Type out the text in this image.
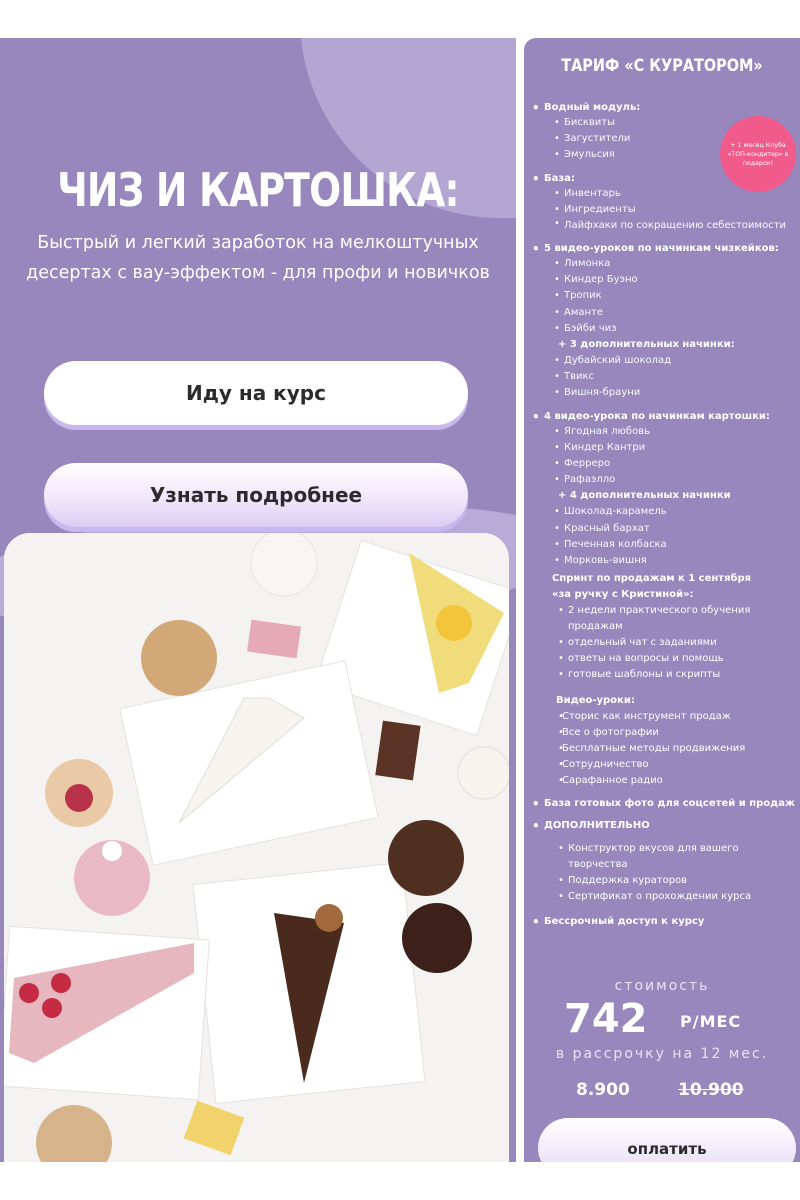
ЧИЗ И КАРТОШКА:
Быстрый и легкий заработок на мелкоштучных десертах с вау-эффектом - для профи и новичков
Иду на курс
Узнать подробнее
ТАРИФ «С КУРАТОРОМ»
+ 1 месяц Клуба «ТОП-кондитер» в подарок!
• Водный модуль:
• Бисквиты
• Загустители
• Эмульсия
• База:
• Инвентарь
• Ингредиенты
• Лайфхаки по сокращению себестоимости
• 5 видео-уроков по начинкам чизкейков:
• Лимонка
• Киндер Буэно
• Тропик
• Аманте
• Бэйби чиз
+ 3 дополнительных начинки:
• Дубайский шоколад
• Твикс
• Вишня-брауни
• 4 видео-урока по начинкам картошки:
• Ягодная любовь
• Киндер Кантри
• Ферреро
• Рафаэлло
+ 4 дополнительных начинки
• Шоколад-карамель
• Красный бархат
• Печенная колбаска
• Морковь-вишня
Спринт по продажам к 1 сентября
«за ручку с Кристиной»:
• 2 недели практического обучения продажам
• отдельный чат с заданиями
• ответы на вопросы и помощь
• готовые шаблоны и скрипты
Видео-уроки:
• Сторис как инструмент продаж
• Все о фотографии
• Бесплатные методы продвижения
• Сотрудничество
• Сарафанное радио
• База готовых фото для соцсетей и продаж
• ДОПОЛНИТЕЛЬНО
• Конструктор вкусов для вашего творчества
• Поддержка кураторов
• Сертификат о прохождении курса
• Бессрочный доступ к курсу
стоимость
742 Р/МЕС
в рассрочку на 12 мес.
8.900	10.900
оплатить
